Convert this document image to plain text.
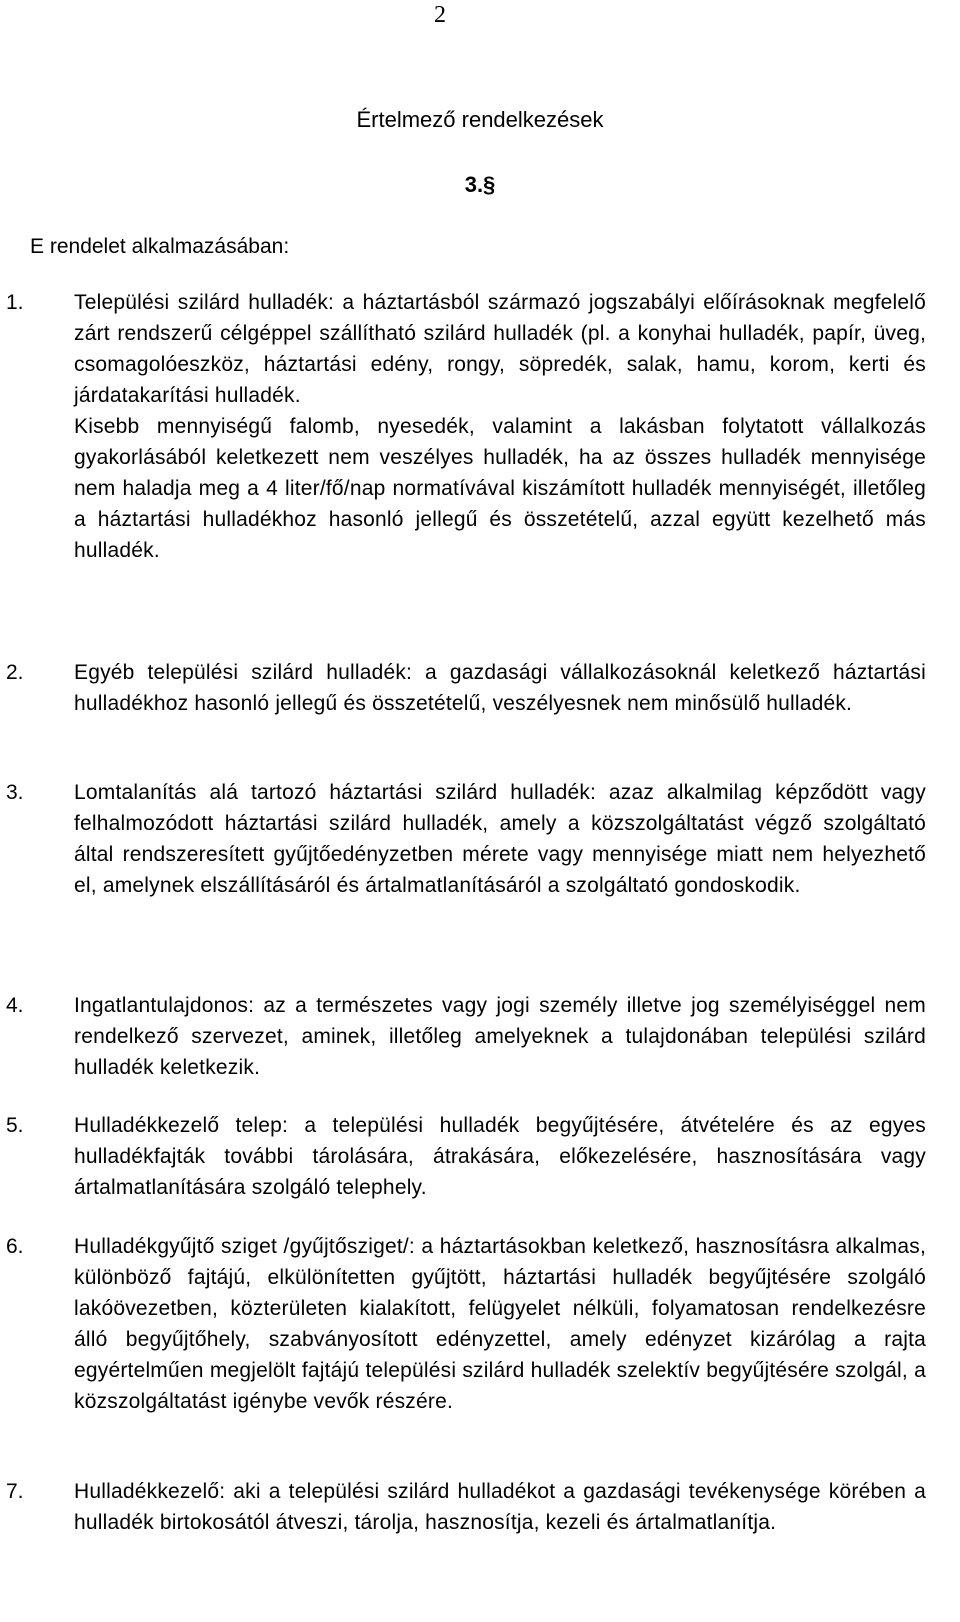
2
Értelmező rendelkezések
3.§
E rendelet alkalmazásában:
1. Települési szilárd hulladék: a háztartásból származó jogszabályi előírásoknak megfelelő zárt rendszerű célgéppel szállítható szilárd hulladék (pl. a konyhai hulladék, papír, üveg, csomagolóeszköz, háztartási edény, rongy, söpredék, salak, hamu, korom, kerti és járdatakarítási hulladék.

Kisebb mennyiségű falomb, nyesedék, valamint a lakásban folytatott vállalkozás gyakorlásából keletkezett nem veszélyes hulladék, ha az összes hulladék mennyisége nem haladja meg a 4 liter/fő/nap normatívával kiszámított hulladék mennyiségét, illetőleg a háztartási hulladékhoz hasonló jellegű és összetételű, azzal együtt kezelhető más hulladék.

2. Egyéb települési szilárd hulladék: a gazdasági vállalkozásoknál keletkező háztartási hulladékhoz hasonló jellegű és összetételű, veszélyesnek nem minősülő hulladék.

3. Lomtalanítás alá tartozó háztartási szilárd hulladék: azaz alkalmilag képződött vagy felhalmozódott háztartási szilárd hulladék, amely a közszolgáltatást végző szolgáltató által rendszeresített gyűjtőedényzetben mérete vagy mennyisége miatt nem helyezhető el, amelynek elszállításáról és ártalmatlanításáról a szolgáltató gondoskodik.

4. Ingatlantulajdonos: az a természetes vagy jogi személy illetve jog személyiséggel nem rendelkező szervezet, aminek, illetőleg amelyeknek a tulajdonában települési szilárd hulladék keletkezik.

5. Hulladékkezelő telep: a települési hulladék begyűjtésére, átvételére és az egyes hulladékfajták további tárolására, átrakására, előkezelésére, hasznosítására vagy ártalmatlanítására szolgáló telephely.

6. Hulladékgyűjtő sziget /gyűjtősziget/: a háztartásokban keletkező, hasznosításra alkalmas, különböző fajtájú, elkülönítetten gyűjtött, háztartási hulladék begyűjtésére szolgáló lakóövezetben, közterületen kialakított, felügyelet nélküli, folyamatosan rendelkezésre álló begyűjtőhely, szabványosított edényzettel, amely edényzet kizárólag a rajta egyértelműen megjelölt fajtájú települési szilárd hulladék szelektív begyűjtésére szolgál, a közszolgáltatást igénybe vevők részére.

7. Hulladékkezelő: aki a települési szilárd hulladékot a gazdasági tevékenysége körében a hulladék birtokosától átveszi, tárolja, hasznosítja, kezeli és ártalmatlanítja.
